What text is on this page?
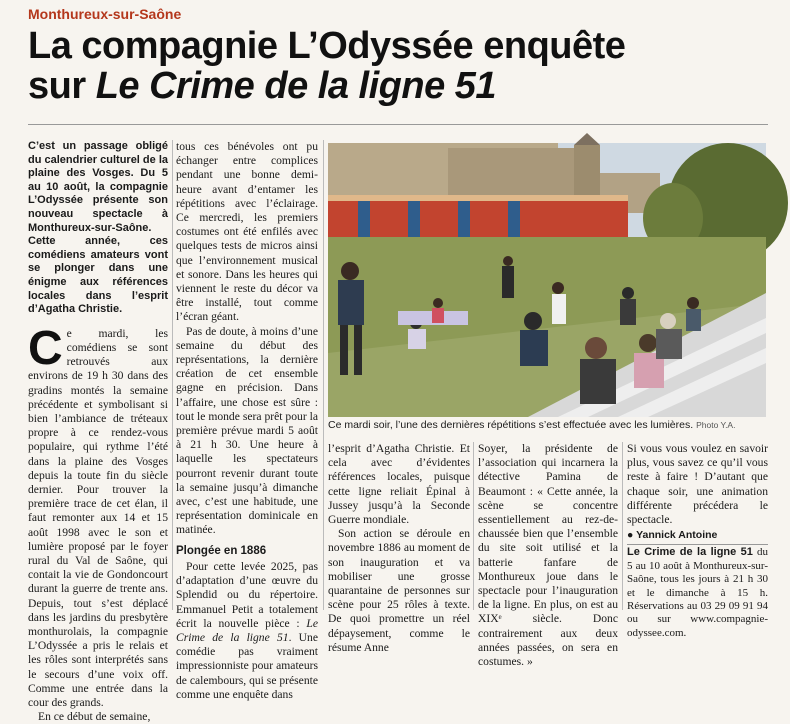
Monthureux-sur-Saône
La compagnie L’Odyssée enquête
sur Le Crime de la ligne 51

C’est un passage obligé du calendrier culturel de la plaine des Vosges. Du 5 au 10 août, la compagnie L’Odyssée présente son nouveau spectacle à Monthureux-sur-Saône. Cette année, ces comédiens amateurs vont se plonger dans une énigme aux références locales dans l’esprit d’Agatha Christie.

Ce mardi, les comédiens se sont retrouvés aux environs de 19 h 30 dans des gradins montés la semaine précédente et symbolisant si bien l’ambiance de tréteaux propre à ce rendez-vous populaire, qui rythme l’été dans la plaine des Vosges depuis la toute fin du siècle dernier. Pour trouver la première trace de cet élan, il faut remonter aux 14 et 15 août 1998 avec le son et lumière proposé par le foyer rural du Val de Saône, qui contait la vie de Gondoncourt durant la guerre de trente ans. Depuis, tout s’est déplacé dans les jardins du presbytère monthurolais, la compagnie L’Odyssée a pris le relais et les rôles sont interprétés sans le secours d’une voix off. Comme une entrée dans la cour des grands.

En ce début de semaine,

tous ces bénévoles ont pu échanger entre complices pendant une bonne demi-heure avant d’entamer les répétitions avec l’éclairage. Ce mercredi, les premiers costumes ont été enfilés avec quelques tests de micros ainsi que l’environnement musical et sonore. Dans les heures qui viennent le reste du décor va être installé, tout comme l’écran géant.

Pas de doute, à moins d’une semaine du début des représentations, la dernière création de cet ensemble gagne en précision. Dans l’affaire, une chose est sûre : tout le monde sera prêt pour la première prévue mardi 5 août à 21 h 30. Une heure à laquelle les spectateurs pourront revenir durant toute la semaine jusqu’à dimanche avec, c’est une habitude, une représentation dominicale en matinée.

Plongée en 1886

Pour cette levée 2025, pas d’adaptation d’une œuvre du Splendid ou du répertoire. Emmanuel Petit a totalement écrit la nouvelle pièce : Le Crime de la ligne 51. Une comédie pas vraiment impressionniste pour amateurs de calembours, qui se présente comme une enquête dans

Ce mardi soir, l’une des dernières répétitions s’est effectuée avec les lumières. Photo Y.A.

l’esprit d’Agatha Christie. Et cela avec d’évidentes références locales, puisque cette ligne reliait Épinal à Jussey jusqu’à la Seconde Guerre mondiale.

Son action se déroule en novembre 1886 au moment de son inauguration et va mobiliser une grosse quarantaine de personnes sur scène pour 25 rôles à texte. De quoi promettre un réel dépaysement, comme le résume Anne

Soyer, la présidente de l’association qui incarnera la détective Pamina de Beaumont : « Cette année, la scène se concentre essentiellement au rez-de-chaussée bien que l’ensemble du site soit utilisé et la batterie fanfare de Monthureux joue dans le spectacle pour l’inauguration de la ligne. En plus, on est au XIXᵉ siècle. Donc contrairement aux deux années passées, on sera en costumes. »

Si vous vous voulez en savoir plus, vous savez ce qu’il vous reste à faire ! D’autant que chaque soir, une animation différente précédera le spectacle.

● Yannick Antoine
Le Crime de la ligne 51 du 5 au 10 août à Monthureux-sur-Saône, tous les jours à 21 h 30 et le dimanche à 15 h. Réservations au 03 29 09 91 94 ou sur www.compagnie-odyssee.com.
